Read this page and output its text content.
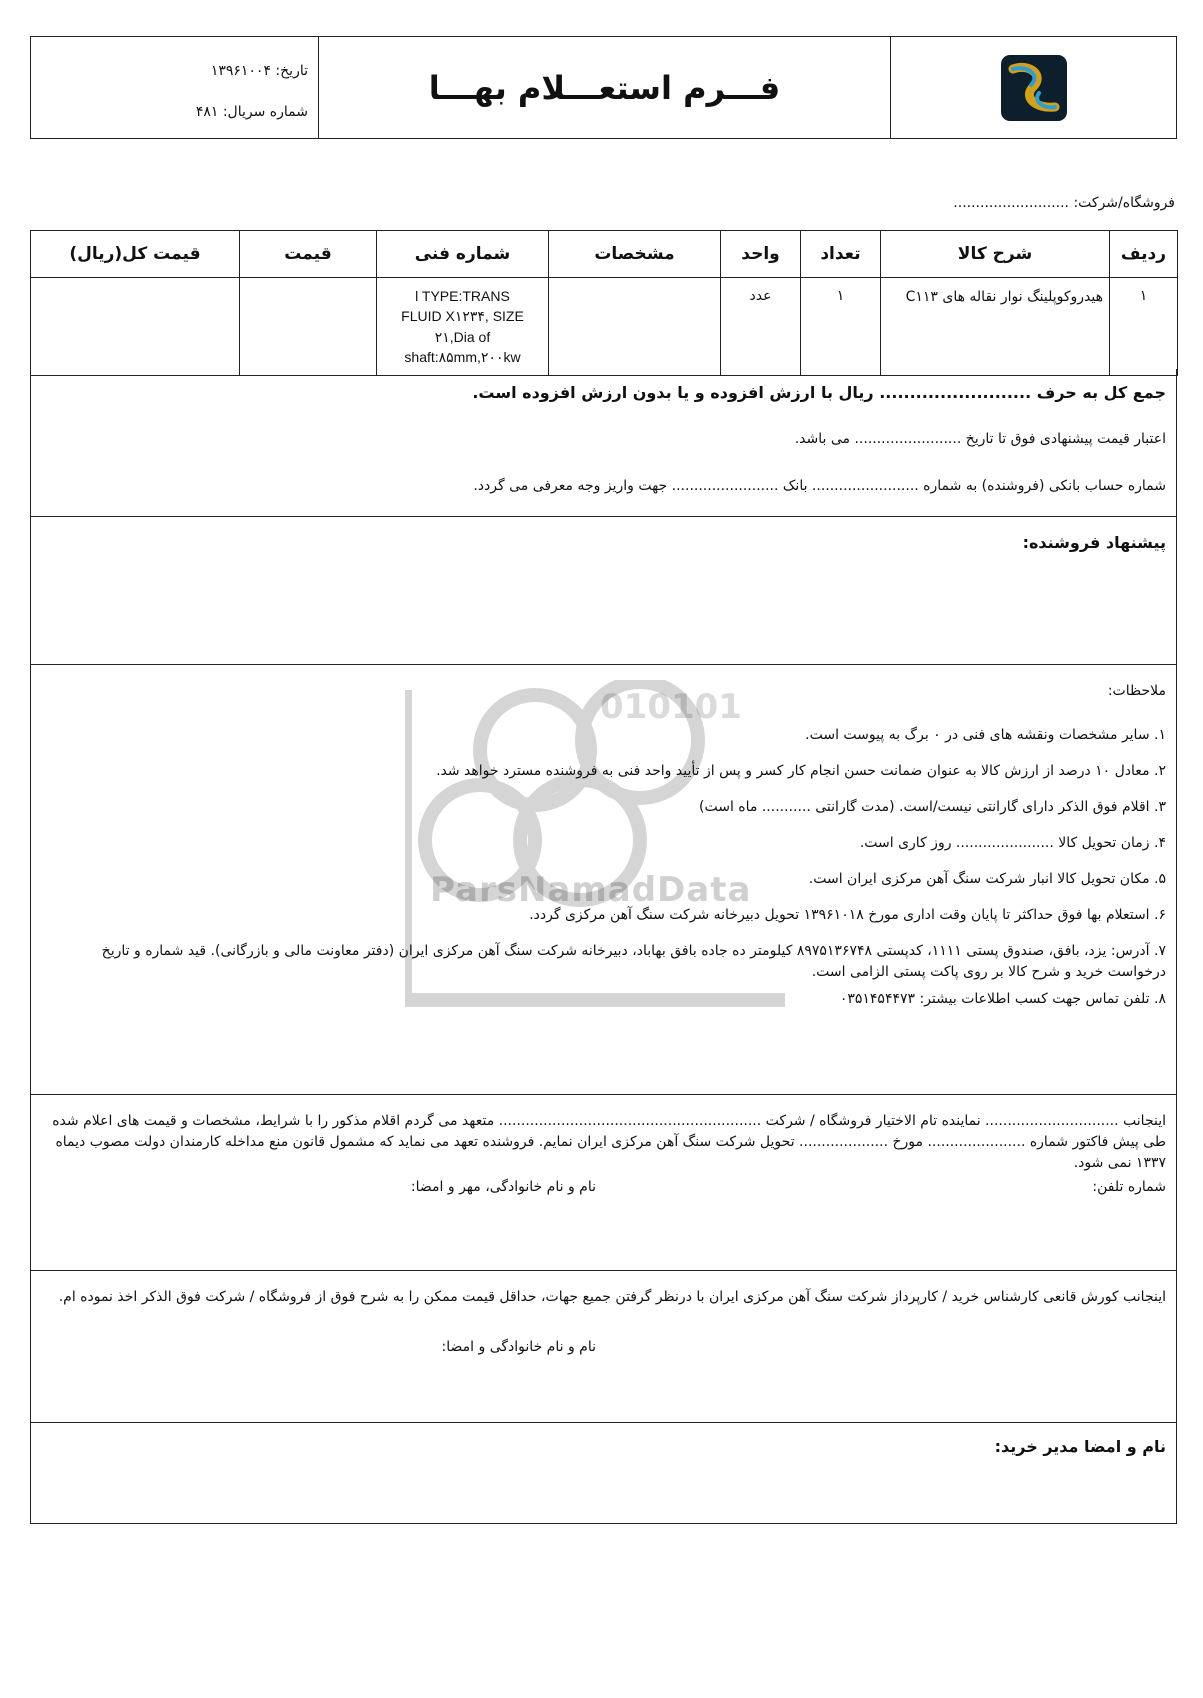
فـــرم استعـــلام بهـــا
تاریخ: ۱۳۹۶۱۰۰۴
شماره سریال: ۴۸۱
فروشگاه/شرکت: ..........................
ردیف	شرح کالا	تعداد	واحد	مشخصات	شماره فنی	قیمت	قیمت کل(ریال)
۱	هیدروکوپلینگ نوار نقاله های C۱۱۳	۱	عدد		l TYPE:TRANS
FLUID X۱۲۳۴, SIZE
۲۱,Dia of
shaft:۸۵mm,۲۰۰kw		

جمع کل به حرف ......................... ریال با ارزش افزوده و یا بدون ارزش افزوده است.
اعتبار قیمت پیشنهادی فوق تا تاریخ ........................ می باشد.
شماره حساب بانکی (فروشنده) به شماره ........................ بانک ........................ جهت واریز وجه معرفی می گردد.
پیشنهاد فروشنده:
010101
ParsNamadData
ملاحظات:
۱. سایر مشخصات ونقشه های فنی در ۰ برگ به پیوست است.
۲. معادل ۱۰ درصد از ارزش کالا به عنوان ضمانت حسن انجام کار کسر و پس از تأیید واحد فنی به فروشنده مسترد خواهد شد.
۳. اقلام فوق الذکر دارای گارانتی نیست/است. (مدت گارانتی ........... ماه است)
۴. زمان تحویل کالا ...................... روز کاری است.
۵. مکان تحویل کالا انبار شرکت سنگ آهن مرکزی ایران است.
۶. استعلام بها فوق حداکثر تا پایان وقت اداری مورخ ۱۳۹۶۱۰۱۸ تحویل دبیرخانه شرکت سنگ آهن مرکزی گردد.
۷. آدرس: یزد، بافق، صندوق پستی ۱۱۱۱، کدپستی ۸۹۷۵۱۳۶۷۴۸ کیلومتر ده جاده بافق بهاباد، دبیرخانه شرکت سنگ آهن مرکزی ایران (دفتر معاونت مالی و بازرگانی). قید شماره و تاریخ درخواست خرید و شرح کالا بر روی پاکت پستی الزامی است.
۸. تلفن تماس جهت کسب اطلاعات بیشتر: ۰۳۵۱۴۵۴۴۷۳
اینجانب .............................. نماینده تام الاختیار فروشگاه / شرکت ........................................................... متعهد می گردم اقلام مذکور را با شرایط، مشخصات و قیمت های اعلام شده طی پیش فاکتور شماره ...................... مورخ .................... تحویل شرکت سنگ آهن مرکزی ایران نمایم. فروشنده تعهد می نماید که مشمول قانون منع مداخله کارمندان دولت مصوب دیماه ۱۳۳۷ نمی شود.
شماره تلفن:
نام و نام خانوادگی، مهر و امضا:
اینجانب کورش قانعی کارشناس خرید / کارپرداز شرکت سنگ آهن مرکزی ایران با درنظر گرفتن جمیع جهات، حداقل قیمت ممکن را به شرح فوق از فروشگاه / شرکت فوق الذکر اخذ نموده ام.
نام و نام خانوادگی و امضا:
نام و امضا مدیر خرید:
